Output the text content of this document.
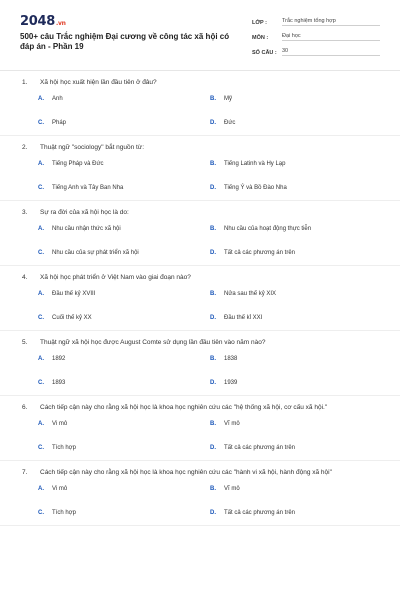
2048.vn
500+ câu Trắc nghiệm Đại cương về công tác xã hội có đáp án - Phần 19
LỚP :	Trắc nghiệm tổng hợp
MÔN :	Đại học
SỐ CÂU : 30
1.	Xã hội học xuất hiện lần đầu tiên ở đâu?
A.	Anh	B.	Mỹ
C.	Pháp	D.	Đức
2.	Thuật ngữ "sociology" bắt nguồn từ:
A.	Tiếng Pháp và Đức	B.	Tiếng Latinh và Hy Lạp
C.	Tiếng Anh và Tây Ban Nha	D.	Tiếng Ý và Bồ Đào Nha
3.	Sự ra đời của xã hội học là do:
A.	Nhu cầu nhận thức xã hội	B.	Nhu cầu của hoạt động thực tiễn
C.	Nhu cầu của sự phát triển xã hội	D.	Tất cả các phương án trên
4.	Xã hội học phát triển ở Việt Nam vào giai đoạn nào?
A.	Đầu thế kỷ XVIII	B.	Nửa sau thế kỷ XIX
C.	Cuối thế kỷ XX	D.	Đầu thế kỉ XXI
5.	Thuật ngữ xã hội học được August Comte sử dụng lần đầu tiên vào năm nào?
A.	1892	B.	1838
C.	1893	D.	1939
6.	Cách tiếp cận này cho rằng xã hội học là khoa học nghiên cứu các "hệ thống xã hội, cơ cấu xã hội."
A.	Vi mô	B.	Vĩ mô
C.	Tích hợp	D.	Tất cả các phương án trên
7.	Cách tiếp cận này cho rằng xã hội học là khoa học nghiên cứu các "hành vi xã hội, hành động xã hội"
A.	Vi mô	B.	Vĩ mô
C.	Tích hợp	D.	Tất cả các phương án trên
